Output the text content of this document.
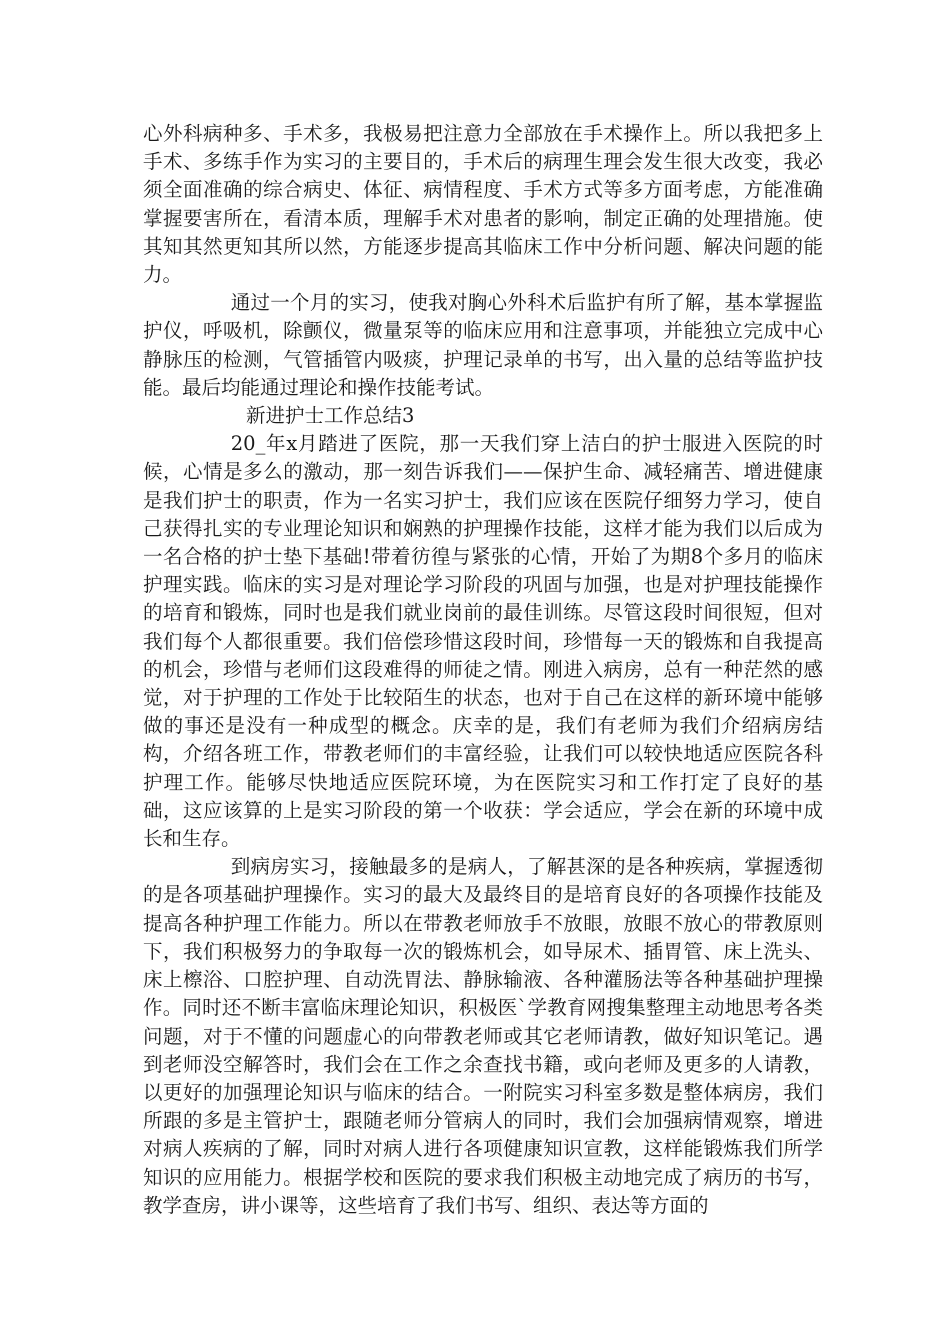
心外科病种多、手术多，我极易把注意力全部放在手术操作上。所以我把多上手术、多练手作为实习的主要目的，手术后的病理生理会发生很大改变，我必须全面准确的综合病史、体征、病情程度、手术方式等多方面考虑，方能准确掌握要害所在，看清本质，理解手术对患者的影响，制定正确的处理措施。使其知其然更知其所以然，方能逐步提高其临床工作中分析问题、解决问题的能力。

通过一个月的实习，使我对胸心外科术后监护有所了解，基本掌握监护仪，呼吸机，除颤仪，微量泵等的临床应用和注意事项，并能独立完成中心静脉压的检测，气管插管内吸痰，护理记录单的书写，出入量的总结等监护技能。最后均能通过理论和操作技能考试。

新进护士工作总结3

20_年x月踏进了医院，那一天我们穿上洁白的护士服进入医院的时候，心情是多么的激动，那一刻告诉我们——保护生命、减轻痛苦、增进健康是我们护士的职责，作为一名实习护士，我们应该在医院仔细努力学习，使自己获得扎实的专业理论知识和娴熟的护理操作技能，这样才能为我们以后成为一名合格的护士垫下基础!带着彷徨与紧张的心情，开始了为期8个多月的临床护理实践。临床的实习是对理论学习阶段的巩固与加强，也是对护理技能操作的培育和锻炼，同时也是我们就业岗前的最佳训练。尽管这段时间很短，但对我们每个人都很重要。我们倍偿珍惜这段时间，珍惜每一天的锻炼和自我提高的机会，珍惜与老师们这段难得的师徒之情。刚进入病房，总有一种茫然的感觉，对于护理的工作处于比较陌生的状态，也对于自己在这样的新环境中能够做的事还是没有一种成型的概念。庆幸的是，我们有老师为我们介绍病房结构，介绍各班工作，带教老师们的丰富经验，让我们可以较快地适应医院各科护理工作。能够尽快地适应医院环境，为在医院实习和工作打定了良好的基础，这应该算的上是实习阶段的第一个收获：学会适应，学会在新的环境中成长和生存。

到病房实习，接触最多的是病人，了解甚深的是各种疾病，掌握透彻的是各项基础护理操作。实习的最大及最终目的是培育良好的各项操作技能及提高各种护理工作能力。所以在带教老师放手不放眼，放眼不放心的带教原则下，我们积极努力的争取每一次的锻炼机会，如导尿术、插胃管、床上洗头、床上檫浴、口腔护理、自动洗胃法、静脉输液、各种灌肠法等各种基础护理操作。同时还不断丰富临床理论知识，积极医`学教育网搜集整理主动地思考各类问题，对于不懂的问题虚心的向带教老师或其它老师请教，做好知识笔记。遇到老师没空解答时，我们会在工作之余查找书籍，或向老师及更多的人请教，以更好的加强理论知识与临床的结合。一附院实习科室多数是整体病房，我们所跟的多是主管护士，跟随老师分管病人的同时，我们会加强病情观察，增进对病人疾病的了解，同时对病人进行各项健康知识宣教，这样能锻炼我们所学知识的应用能力。根据学校和医院的要求我们积极主动地完成了病历的书写，教学查房，讲小课等，这些培育了我们书写、组织、表达等方面的
